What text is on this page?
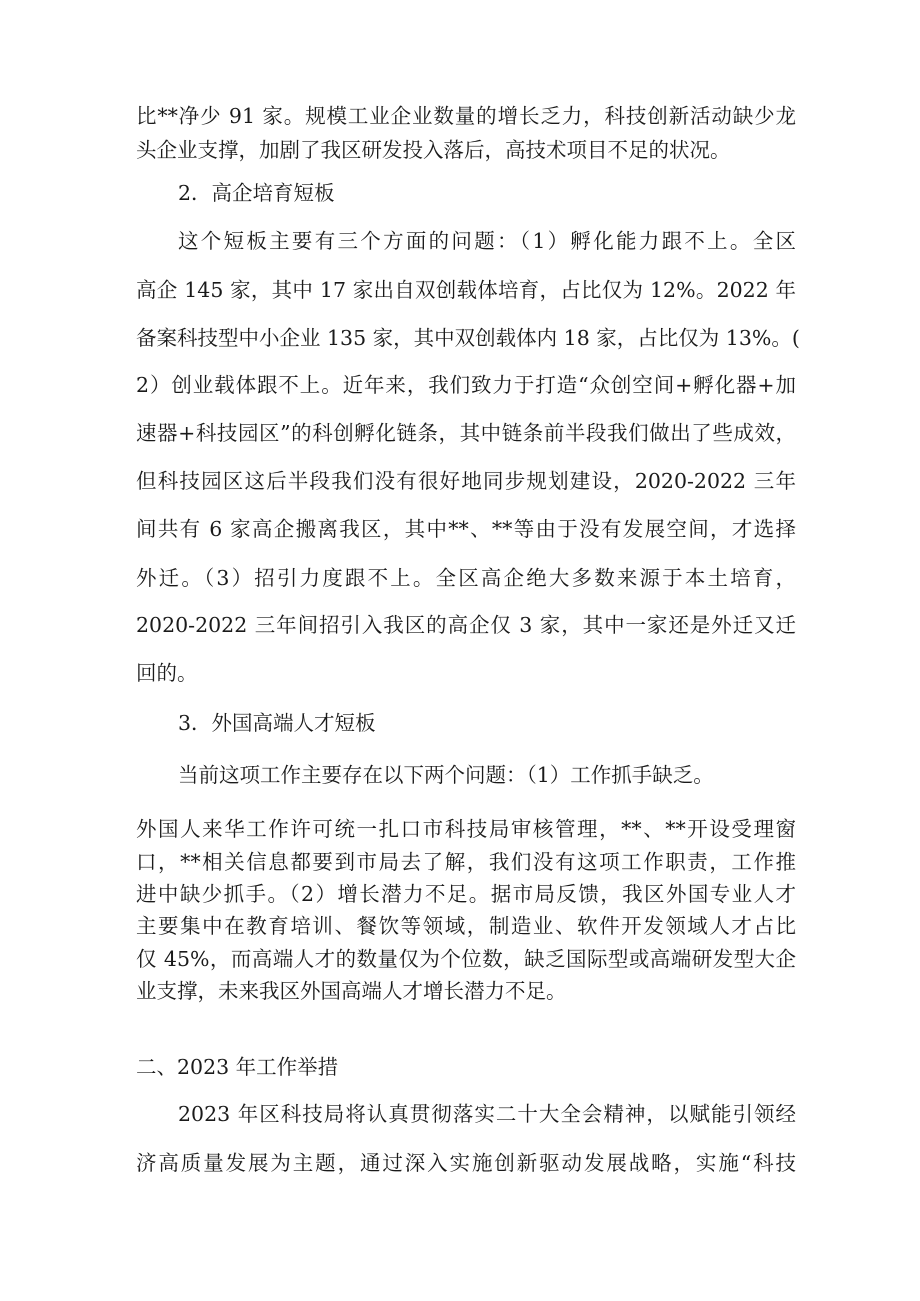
比**净少 91 家。规模工业企业数量的增长乏力，科技创新活动缺少龙
头企业支撑，加剧了我区研发投入落后，高技术项目不足的状况。
2．高企培育短板
这个短板主要有三个方面的问题：（1）孵化能力跟不上。全区
高企 145 家，其中 17 家出自双创载体培育，占比仅为 12%。2022 年
备案科技型中小企业 135 家，其中双创载体内 18 家，占比仅为 13%。(
2）创业载体跟不上。近年来，我们致力于打造“众创空间+孵化器+加
速器+科技园区”的科创孵化链条，其中链条前半段我们做出了些成效，
但科技园区这后半段我们没有很好地同步规划建设，2020-2022 三年
间共有 6 家高企搬离我区，其中**、**等由于没有发展空间，才选择
外迁。（3）招引力度跟不上。全区高企绝大多数来源于本土培育，
2020-2022 三年间招引入我区的高企仅 3 家，其中一家还是外迁又迁
回的。
3．外国高端人才短板
当前这项工作主要存在以下两个问题：（1）工作抓手缺乏。
外国人来华工作许可统一扎口市科技局审核管理，**、**开设受理窗
口，**相关信息都要到市局去了解，我们没有这项工作职责，工作推
进中缺少抓手。（2）增长潜力不足。据市局反馈，我区外国专业人才
主要集中在教育培训、餐饮等领域，制造业、软件开发领域人才占比
仅 45%，而高端人才的数量仅为个位数，缺乏国际型或高端研发型大企
业支撑，未来我区外国高端人才增长潜力不足。
二、2023 年工作举措
2023 年区科技局将认真贯彻落实二十大全会精神，以赋能引领经
济高质量发展为主题，通过深入实施创新驱动发展战略，实施“科技
